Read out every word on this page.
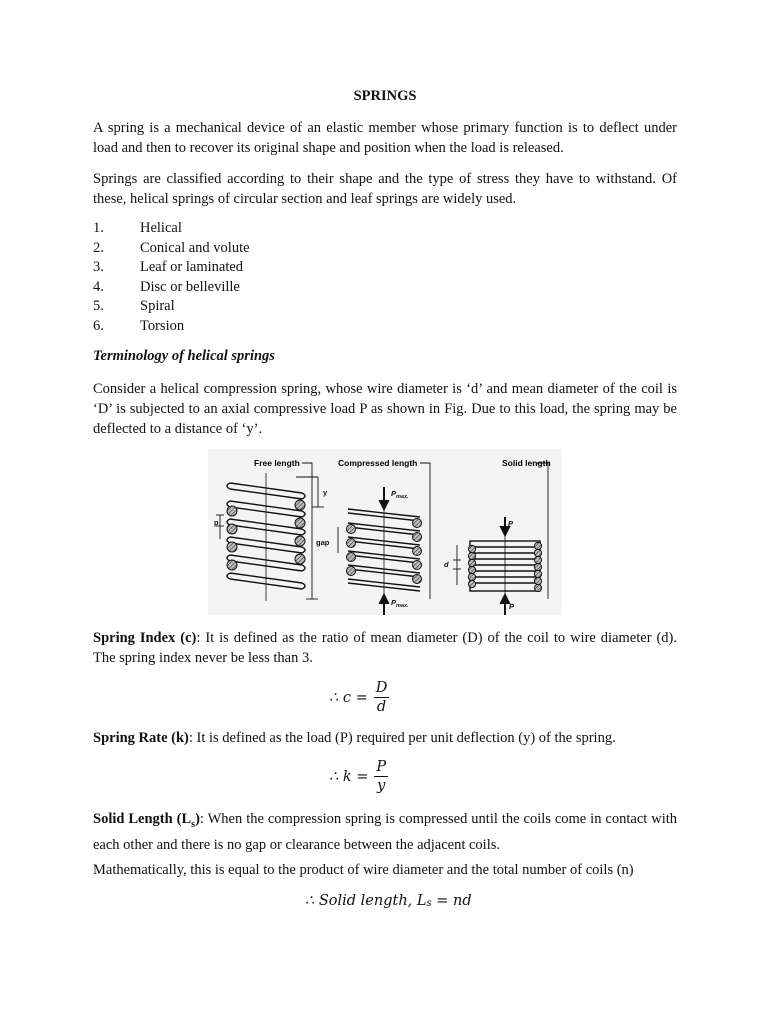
SPRINGS
A spring is a mechanical device of an elastic member whose primary function is to deflect under load and then to recover its original shape and position when the load is released.
Springs are classified according to their shape and the type of stress they have to withstand. Of these, helical springs of circular section and leaf springs are widely used.
1.	Helical
2.	Conical and volute
3.	Leaf or laminated
4.	Disc or belleville
5.	Spiral
6.	Torsion
Terminology of helical springs
Consider a helical compression spring, whose wire diameter is ‘d’ and mean diameter of the coil is ‘D’ is subjected to an axial compressive load P as shown in Fig. Due to this load, the spring may be deflected to a distance of ‘y’.
Free length	Compressed length	Solid length
y
p
gap
d
$P_{max.}$
$P_{max.}$
P
P
Spring Index (c): It is defined as the ratio of mean diameter (D) of the coil to wire diameter (d). The spring index never be less than 3.
∴ $c = \frac{D}{d}$
Spring Rate (k): It is defined as the load (P) required per unit deflection (y) of the spring.
∴ $k = \frac{P}{y}$
Solid Length $(L_s)$: When the compression spring is compressed until the coils come in contact with each other and there is no gap or clearance between the adjacent coils.
Mathematically, this is equal to the product of wire diameter and the total number of coils (n)
∴ Solid length, $L_s$ = nd
